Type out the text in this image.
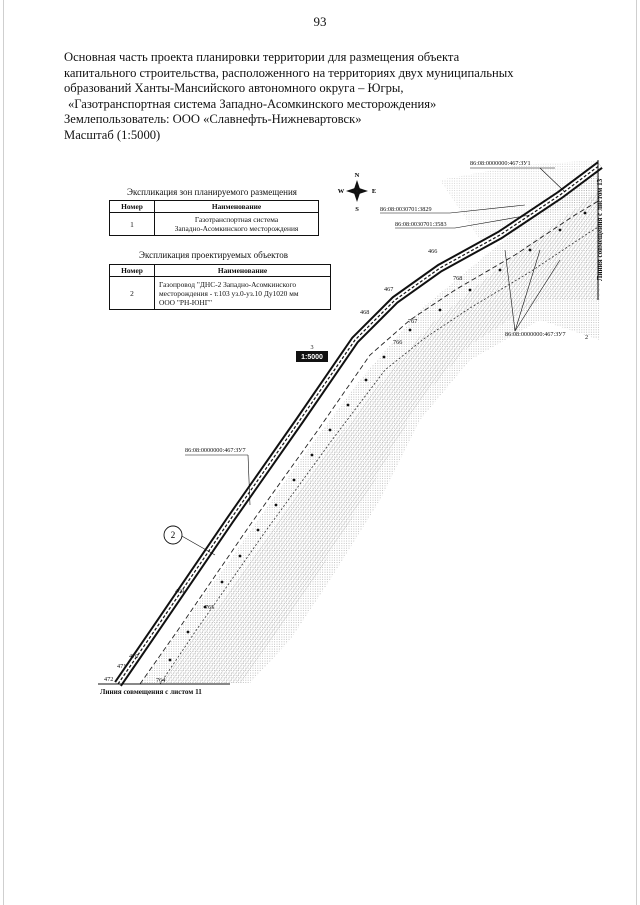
93
Основная часть проекта планировки территории для размещения объекта
капитального строительства, расположенного на территориях двух муниципальных
образований Ханты-Мансийского автономного округа – Югры,
«Газотранспортная система Западно-Асомкинского месторождения»
Землепользователь: ООО «Славнефть-Нижневартовск»
Масштаб (1:5000)
1:5000
3
2
N
S
W	E
86:08:0000000:467:ЗУ1
86:08:0030701:3829
86:08:0030701:3583
86:08:0000000:467:ЗУ7	2
86:08:0000000:467:ЗУ7
466
467
468
469
470
471
472
768
767
766
765
764
Экспликация зон планируемого размещения
Номер	Наименование
1	Газотранспортная система
Западно-Асомкинского месторождения
Экспликация проектируемых объектов
Номер	Наименование
2	Газопровод "ДНС-2 Западно-Асомкинского
месторождения - т.103 уз.0-уз.10 Ду1020 мм
ООО "РН-ЮНГ"
Линия совмещения с листом 13
Линия совмещения с листом 11
